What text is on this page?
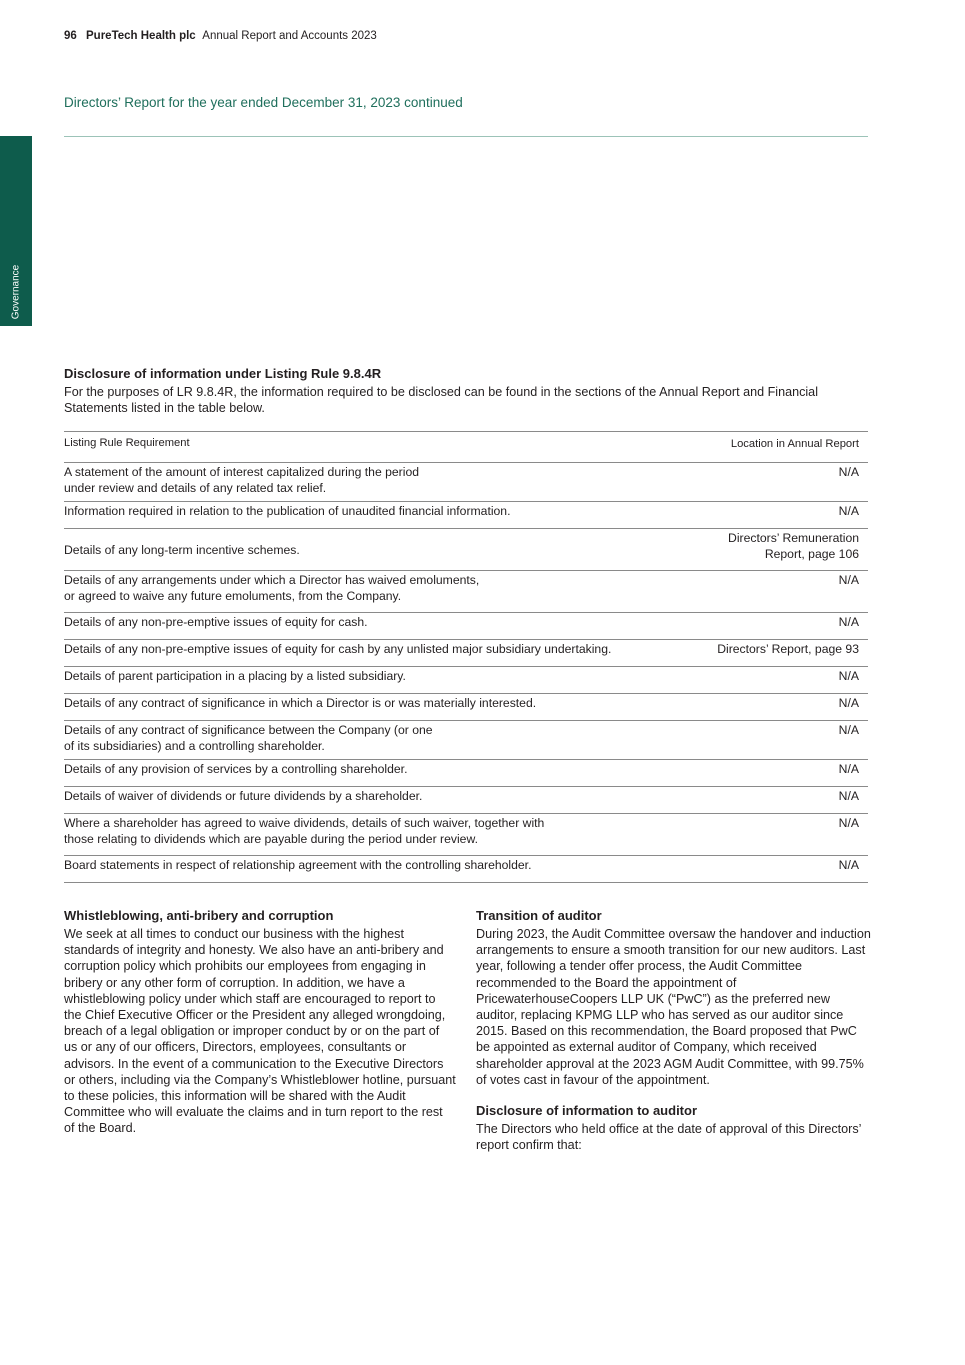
96 PureTech Health plc Annual Report and Accounts 2023
Directors’ Report for the year ended December 31, 2023 continued
Governance
Disclosure of information under Listing Rule 9.8.4R
For the purposes of LR 9.8.4R, the information required to be disclosed can be found in the sections of the Annual Report and Financial Statements listed in the table below.
Listing Rule Requirement	Location in Annual Report

A statement of the amount of interest capitalized during the period
under review and details of any related tax relief.	N/A

Information required in relation to the publication of unaudited financial information.	N/A

Details of any long-term incentive schemes.	Directors’ Remuneration
Report, page 106

Details of any arrangements under which a Director has waived emoluments,
or agreed to waive any future emoluments, from the Company.	N/A

Details of any non-pre-emptive issues of equity for cash.	N/A

Details of any non-pre-emptive issues of equity for cash by any unlisted major subsidiary undertaking.	Directors’ Report, page 93

Details of parent participation in a placing by a listed subsidiary.	N/A

Details of any contract of significance in which a Director is or was materially interested.	N/A

Details of any contract of significance between the Company (or one
of its subsidiaries) and a controlling shareholder.	N/A

Details of any provision of services by a controlling shareholder.	N/A

Details of waiver of dividends or future dividends by a shareholder.	N/A

Where a shareholder has agreed to waive dividends, details of such waiver, together with
those relating to dividends which are payable during the period under review.	N/A

Board statements in respect of relationship agreement with the controlling shareholder.	N/A
Whistleblowing, anti-bribery and corruption

We seek at all times to conduct our business with the highest standards of integrity and honesty. We also have an anti-bribery and corruption policy which prohibits our employees from engaging in bribery or any other form of corruption. In addition, we have a whistleblowing policy under which staff are encouraged to report to the Chief Executive Officer or the President any alleged wrongdoing, breach of a legal obligation or improper conduct by or on the part of us or any of our officers, Directors, employees, consultants or advisors. In the event of a communication to the Executive Directors or others, including via the Company’s Whistleblower hotline, pursuant to these policies, this information will be shared with the Audit Committee who will evaluate the claims and in turn report to the rest of the Board.

Transition of auditor

During 2023, the Audit Committee oversaw the handover and induction arrangements to ensure a smooth transition for our new auditors. Last year, following a tender offer process, the Audit Committee recommended to the Board the appointment of PricewaterhouseCoopers LLP UK (“PwC”) as the preferred new auditor, replacing KPMG LLP who has served as our auditor since 2015. Based on this recommendation, the Board proposed that PwC be appointed as external auditor of Company, which received shareholder approval at the 2023 AGM Audit Committee, with 99.75% of votes cast in favour of the appointment.

Disclosure of information to auditor

The Directors who held office at the date of approval of this Directors’ report confirm that:
